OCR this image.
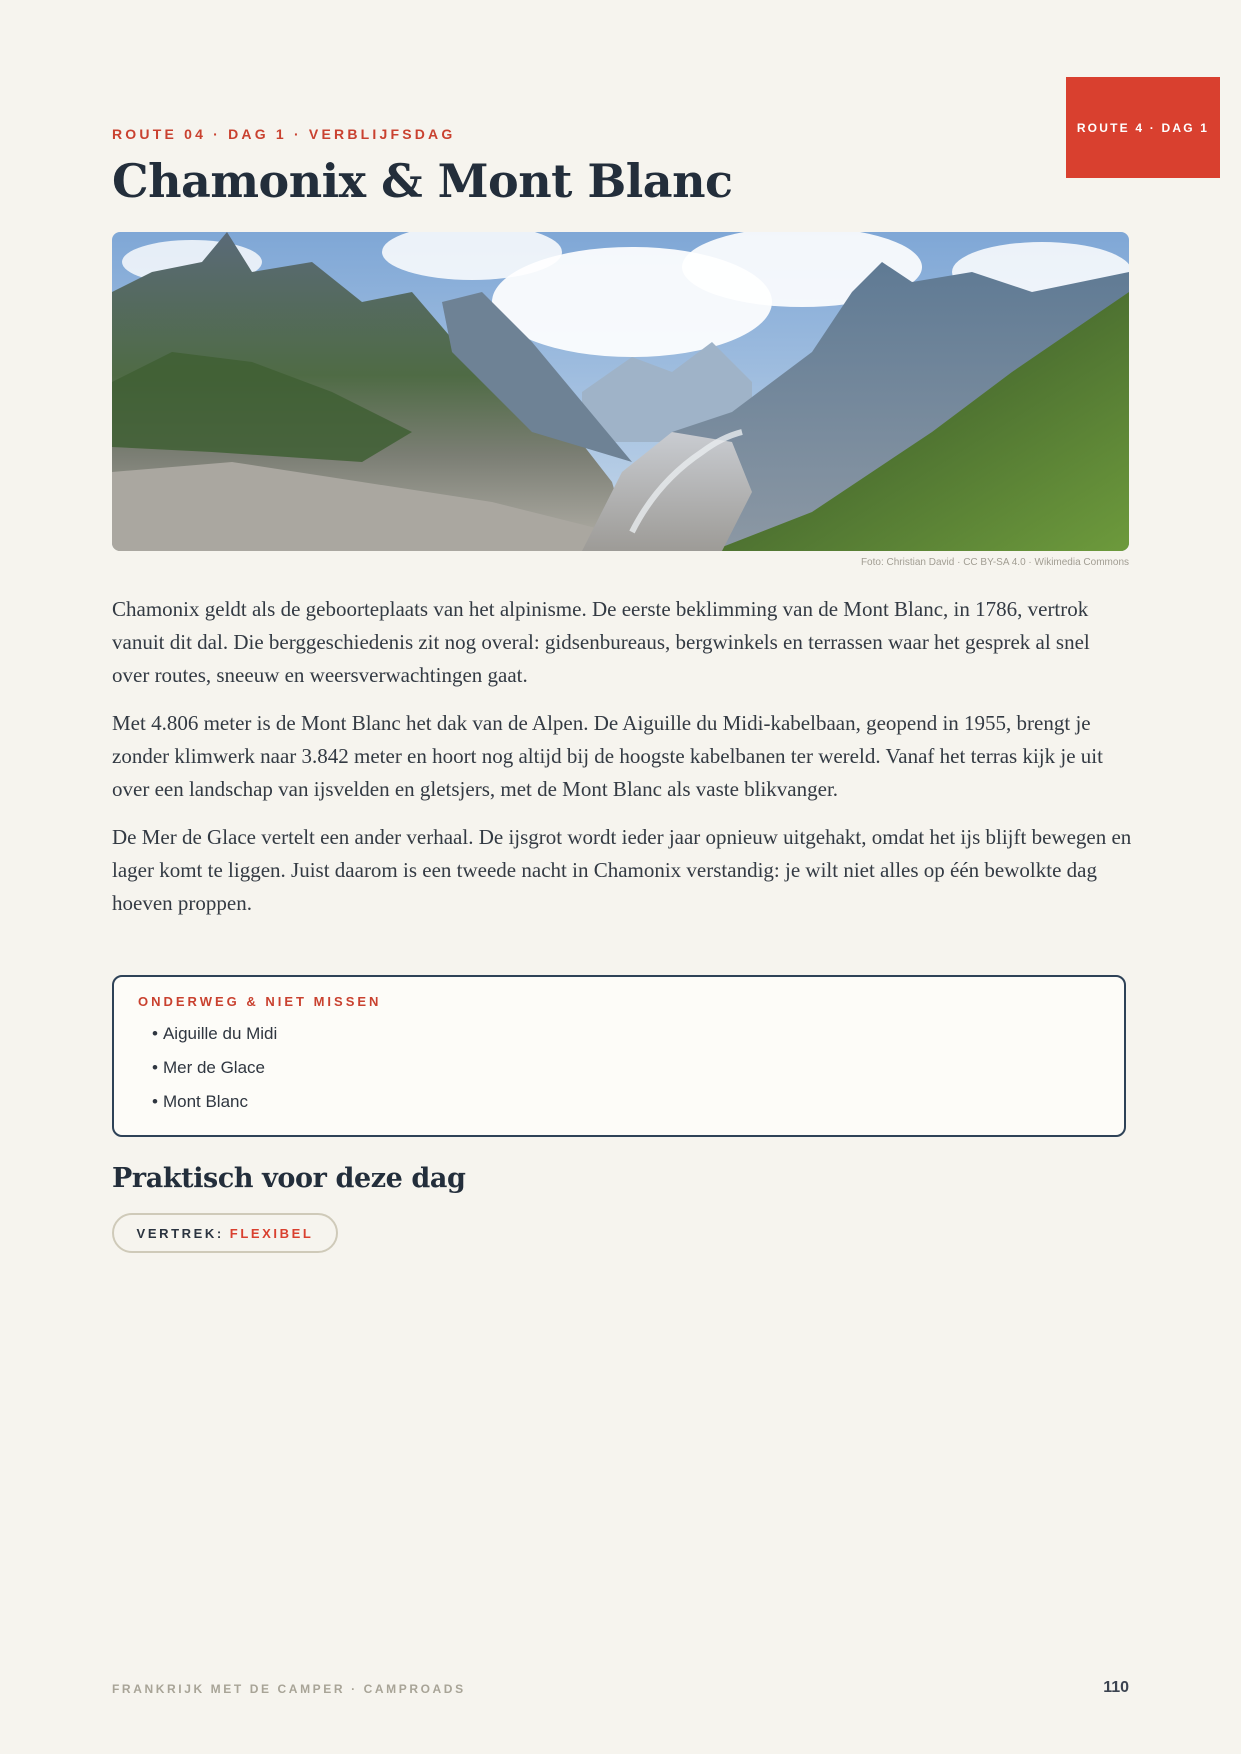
ROUTE 4 · DAG 1
ROUTE 04 · DAG 1 · VERBLIJFSDAG
Chamonix & Mont Blanc
Foto: Christian David · CC BY-SA 4.0 · Wikimedia Commons

Chamonix geldt als de geboorteplaats van het alpinisme. De eerste beklimming van de Mont Blanc, in 1786, vertrok vanuit dit dal. Die berggeschiedenis zit nog overal: gidsenbureaus, bergwinkels en terrassen waar het gesprek al snel over routes, sneeuw en weersverwachtingen gaat.

Met 4.806 meter is de Mont Blanc het dak van de Alpen. De Aiguille du Midi-kabelbaan, geopend in 1955, brengt je zonder klimwerk naar 3.842 meter en hoort nog altijd bij de hoogste kabelbanen ter wereld. Vanaf het terras kijk je uit over een landschap van ijsvelden en gletsjers, met de Mont Blanc als vaste blikvanger.

De Mer de Glace vertelt een ander verhaal. De ijsgrot wordt ieder jaar opnieuw uitgehakt, omdat het ijs blijft bewegen en lager komt te liggen. Juist daarom is een tweede nacht in Chamonix verstandig: je wilt niet alles op één bewolkte dag hoeven proppen.

ONDERWEG & NIET MISSEN
• Aiguille du Midi
• Mer de Glace
• Mont Blanc
Praktisch voor deze dag
VERTREK: FLEXIBEL
FRANKRIJK MET DE CAMPER · CAMPROADS	110
